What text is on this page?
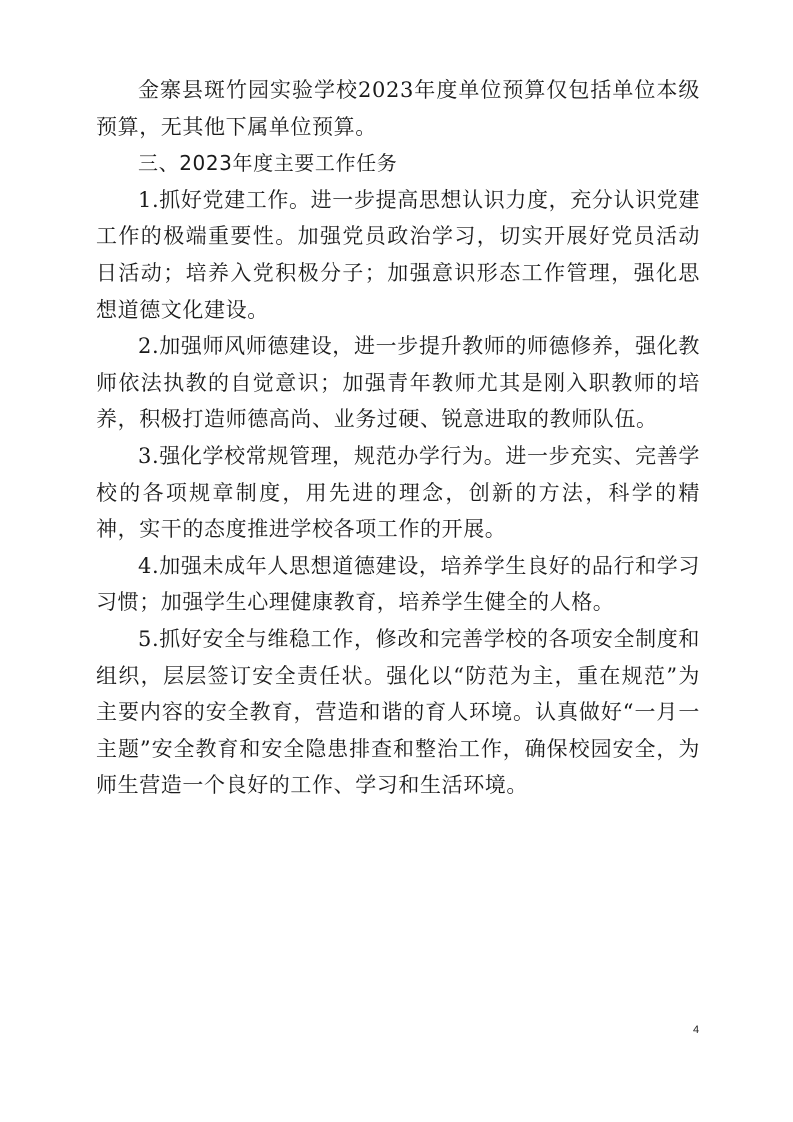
金寨县斑竹园实验学校2023年度单位预算仅包括单位本级预算，无其他下属单位预算。

三、2023年度主要工作任务

1.抓好党建工作。进一步提高思想认识力度，充分认识党建工作的极端重要性。加强党员政治学习，切实开展好党员活动日活动；培养入党积极分子；加强意识形态工作管理，强化思想道德文化建设。

2.加强师风师德建设，进一步提升教师的师德修养，强化教师依法执教的自觉意识；加强青年教师尤其是刚入职教师的培养，积极打造师德高尚、业务过硬、锐意进取的教师队伍。

3.强化学校常规管理，规范办学行为。进一步充实、完善学校的各项规章制度，用先进的理念，创新的方法，科学的精神，实干的态度推进学校各项工作的开展。

4.加强未成年人思想道德建设，培养学生良好的品行和学习习惯；加强学生心理健康教育，培养学生健全的人格。

5.抓好安全与维稳工作，修改和完善学校的各项安全制度和组织，层层签订安全责任状。强化以“防范为主，重在规范”为主要内容的安全教育，营造和谐的育人环境。认真做好“一月一主题”安全教育和安全隐患排查和整治工作，确保校园安全，为师生营造一个良好的工作、学习和生活环境。

4
